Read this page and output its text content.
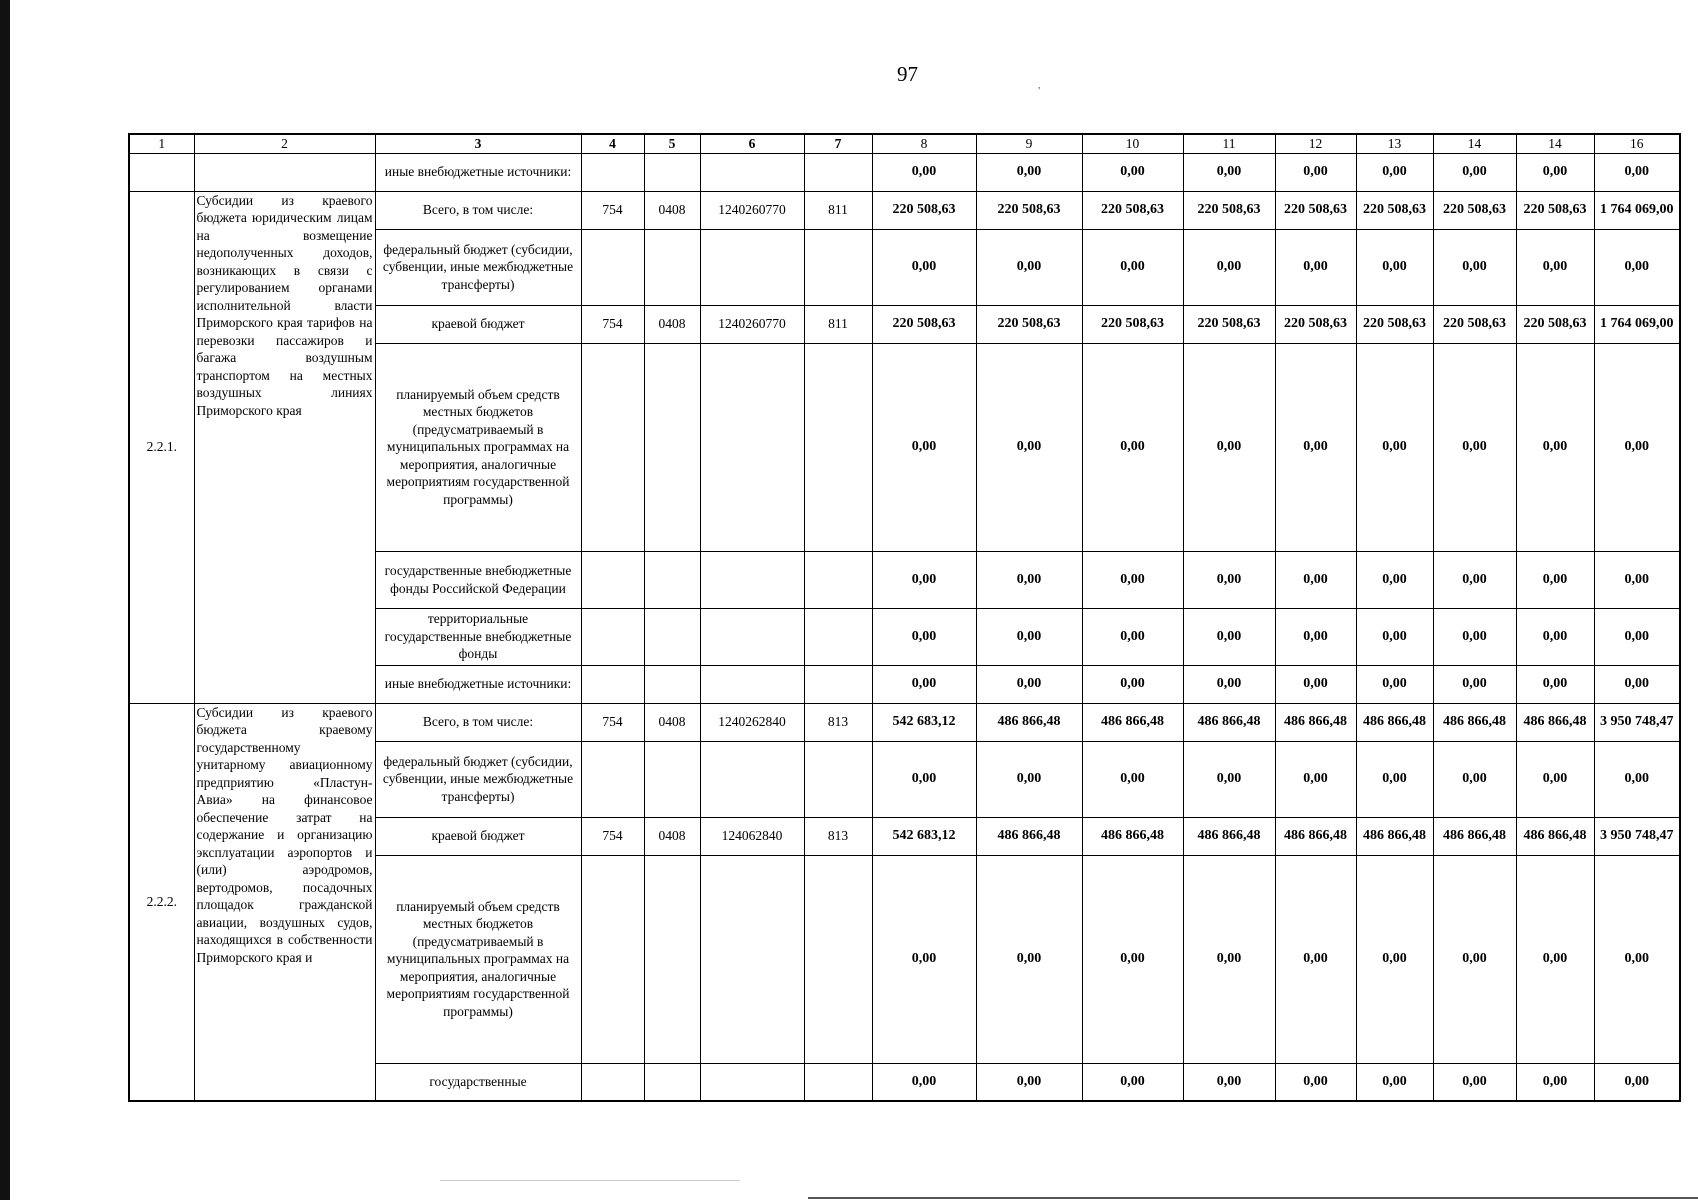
97	,
1	2	3	4	5	6	7	8	9	10	11	12	13	14	14	16
		иные внебюджетные источники:					0,00	0,00	0,00	0,00	0,00	0,00	0,00	0,00	0,00
2.2.1.	Субсидии из краевого бюджета юридическим лицам на возмещение недополученных доходов, возникающих в связи с регулированием органами исполнительной власти Приморского края тарифов на перевозки пассажиров и багажа воздушным транспортом на местных воздушных линиях Приморского края	Всего, в том числе:	754	0408	1240260770	811	220 508,63	220 508,63	220 508,63	220 508,63	220 508,63	220 508,63	220 508,63	220 508,63	1 764 069,00
		федеральный бюджет (субсидии, субвенции, иные межбюджетные трансферты)					0,00	0,00	0,00	0,00	0,00	0,00	0,00	0,00	0,00
		краевой бюджет	754	0408	1240260770	811	220 508,63	220 508,63	220 508,63	220 508,63	220 508,63	220 508,63	220 508,63	220 508,63	1 764 069,00
		планируемый объем средств местных бюджетов (предусматриваемый в муниципальных программах на мероприятия, аналогичные мероприятиям государственной программы)					0,00	0,00	0,00	0,00	0,00	0,00	0,00	0,00	0,00
		государственные внебюджетные фонды Российской Федерации					0,00	0,00	0,00	0,00	0,00	0,00	0,00	0,00	0,00
		территориальные государственные внебюджетные фонды					0,00	0,00	0,00	0,00	0,00	0,00	0,00	0,00	0,00
		иные внебюджетные источники:					0,00	0,00	0,00	0,00	0,00	0,00	0,00	0,00	0,00
2.2.2.	Субсидии из краевого бюджета краевому государственному унитарному авиационному предприятию «Пластун-Авиа» на финансовое обеспечение затрат на содержание и организацию эксплуатации аэропортов и (или) аэродромов, вертодромов, посадочных площадок гражданской авиации, воздушных судов, находящихся в собственности Приморского края и	Всего, в том числе:	754	0408	1240262840	813	542 683,12	486 866,48	486 866,48	486 866,48	486 866,48	486 866,48	486 866,48	486 866,48	3 950 748,47
		федеральный бюджет (субсидии, субвенции, иные межбюджетные трансферты)					0,00	0,00	0,00	0,00	0,00	0,00	0,00	0,00	0,00
		краевой бюджет	754	0408	124062840	813	542 683,12	486 866,48	486 866,48	486 866,48	486 866,48	486 866,48	486 866,48	486 866,48	3 950 748,47
		планируемый объем средств местных бюджетов (предусматриваемый в муниципальных программах на мероприятия, аналогичные мероприятиям государственной программы)					0,00	0,00	0,00	0,00	0,00	0,00	0,00	0,00	0,00
		государственные					0,00	0,00	0,00	0,00	0,00	0,00	0,00	0,00	0,00
